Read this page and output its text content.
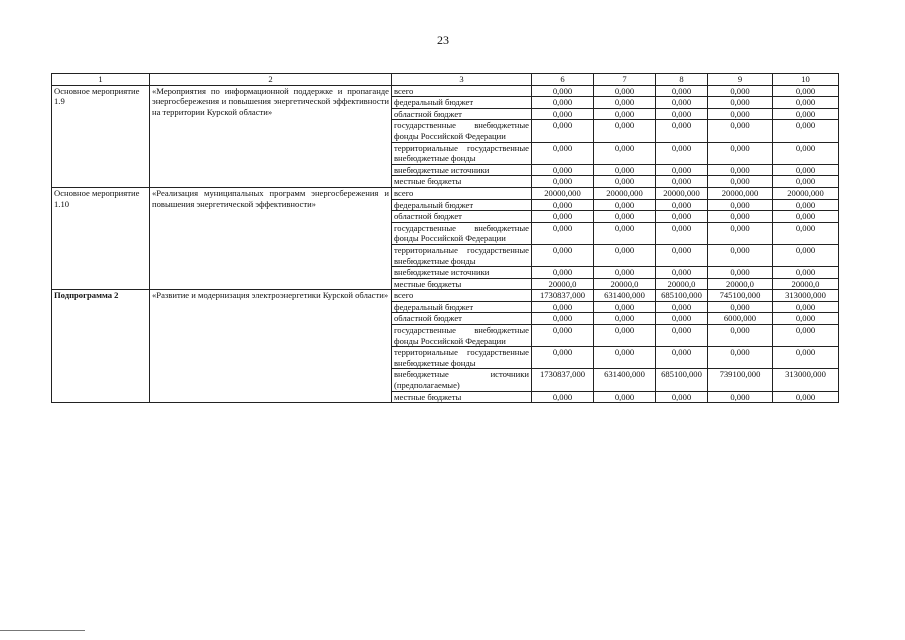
23
1	2	3	6	7	8	9	10
Основное мероприятие 1.9	«Мероприятия по информационной поддержке и пропаганде энергосбережения и повышения энергетической эффективности на территории Курской области»	всего	0,000	0,000	0,000	0,000	0,000
		федеральный бюджет	0,000	0,000	0,000	0,000	0,000
		областной бюджет	0,000	0,000	0,000	0,000	0,000
		государственные внебюджетные фонды Российской Федерации	0,000	0,000	0,000	0,000	0,000
		территориальные государственные внебюджетные фонды	0,000	0,000	0,000	0,000	0,000
		внебюджетные источники	0,000	0,000	0,000	0,000	0,000
		местные бюджеты	0,000	0,000	0,000	0,000	0,000
Основное мероприятие 1.10	«Реализация муниципальных программ энергосбережения и повышения энергетической эффективности»	всего	20000,000	20000,000	20000,000	20000,000	20000,000
		федеральный бюджет	0,000	0,000	0,000	0,000	0,000
		областной бюджет	0,000	0,000	0,000	0,000	0,000
		государственные внебюджетные фонды Российской Федерации	0,000	0,000	0,000	0,000	0,000
		территориальные государственные внебюджетные фонды	0,000	0,000	0,000	0,000	0,000
		внебюджетные источники	0,000	0,000	0,000	0,000	0,000
		местные бюджеты	20000,0	20000,0	20000,0	20000,0	20000,0
Подпрограмма 2	«Развитие и модернизация электроэнергетики Курской области»	всего	1730837,000	631400,000	685100,000	745100,000	313000,000
		федеральный бюджет	0,000	0,000	0,000	0,000	0,000
		областной бюджет	0,000	0,000	0,000	6000,000	0,000
		государственные внебюджетные фонды Российской Федерации	0,000	0,000	0,000	0,000	0,000
		территориальные государственные внебюджетные фонды	0,000	0,000	0,000	0,000	0,000
		внебюджетные источники (предполагаемые)	1730837,000	631400,000	685100,000	739100,000	313000,000
		местные бюджеты	0,000	0,000	0,000	0,000	0,000
